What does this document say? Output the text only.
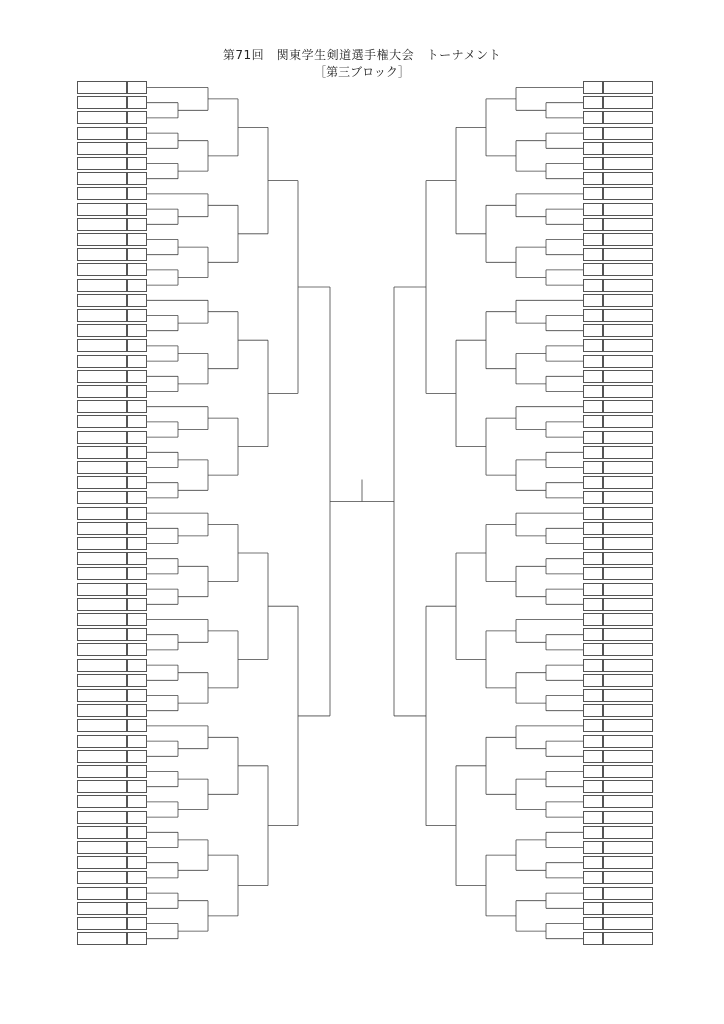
第71回　関東学生剣道選手権大会　トーナメント
［第三ブロック］
